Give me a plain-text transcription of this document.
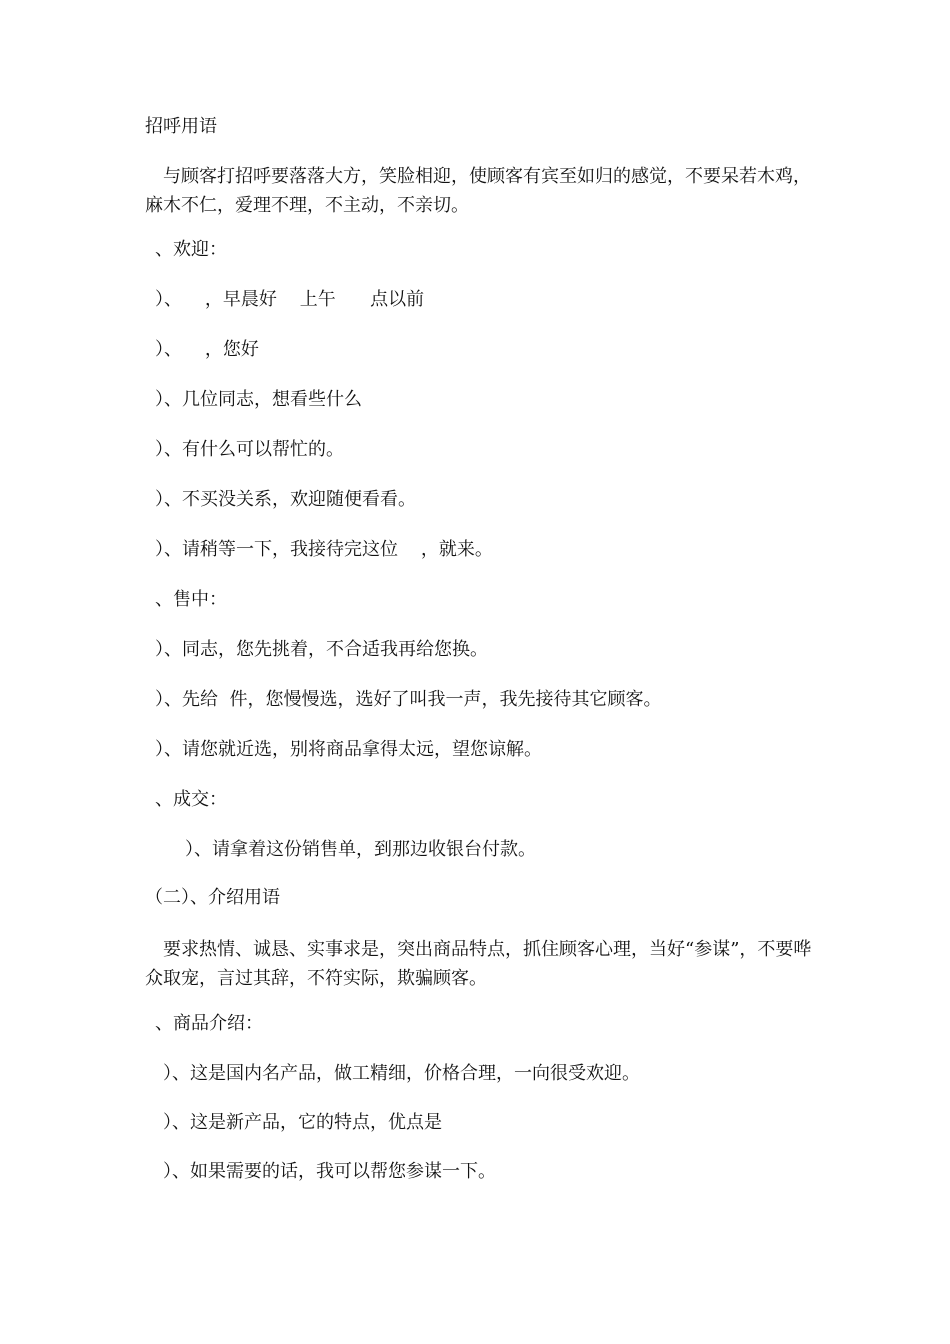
招呼用语
与顾客打招呼要落落大方，笑脸相迎，使顾客有宾至如归的感觉，不要呆若木鸡，麻木不仁，爱理不理，不主动，不亲切。
、欢迎：
）、    ，早晨好    上午      点以前
）、    ，您好
）、几位同志，想看些什么
）、有什么可以帮忙的。
）、不买没关系，欢迎随便看看。
）、请稍等一下，我接待完这位    ，就来。
、售中：
）、同志，您先挑着，不合适我再给您换。
）、先给  件，您慢慢选，选好了叫我一声，我先接待其它顾客。
）、请您就近选，别将商品拿得太远，望您谅解。
、成交：
）、请拿着这份销售单，到那边收银台付款。
（二）、介绍用语
要求热情、诚恳、实事求是，突出商品特点，抓住顾客心理，当好“参谋”，不要哗众取宠，言过其辞，不符实际，欺骗顾客。
、商品介绍：
）、这是国内名产品，做工精细，价格合理，一向很受欢迎。
）、这是新产品，它的特点，优点是
）、如果需要的话，我可以帮您参谋一下。
